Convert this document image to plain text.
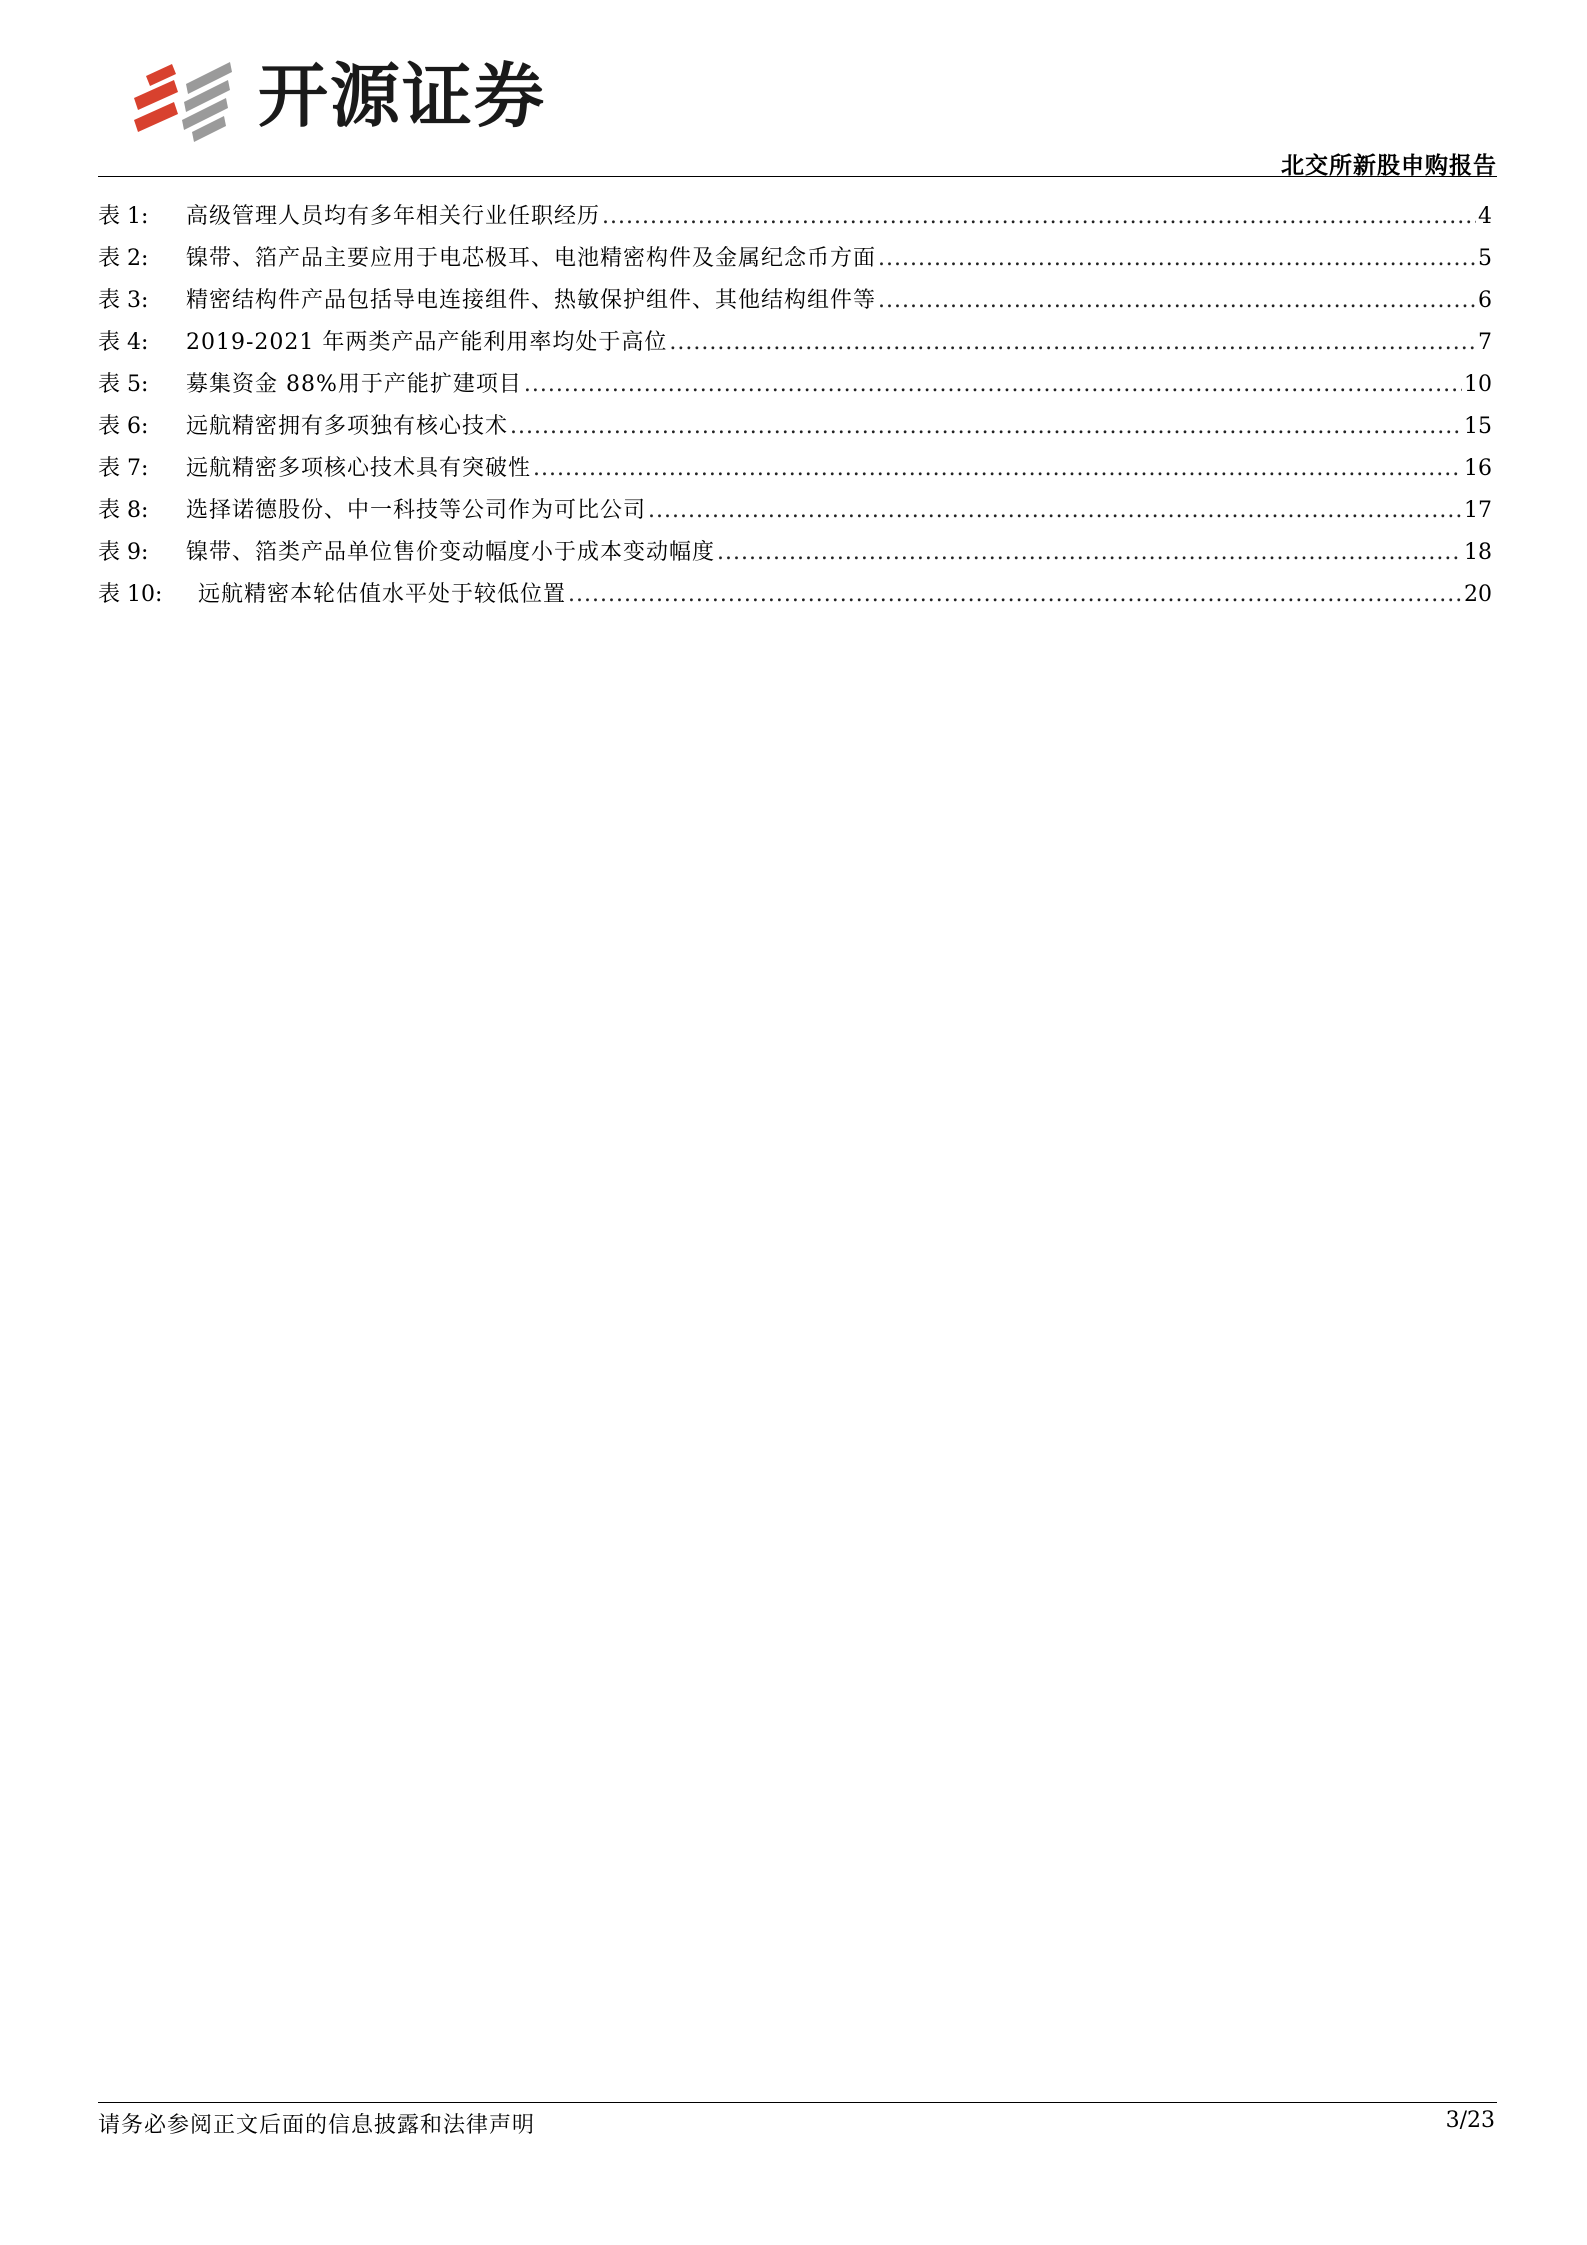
开源证券
北交所新股申购报告
表 1:	高级管理人员均有多年相关行业任职经历 .....	4
表 2:	镍带、箔产品主要应用于电芯极耳、电池精密构件及金属纪念币方面 .....	5
表 3:	精密结构件产品包括导电连接组件、热敏保护组件、其他结构组件等 .....	6
表 4:	2019-2021 年两类产品产能利用率均处于高位 .....	7
表 5:	募集资金 88%用于产能扩建项目 .....	10
表 6:	远航精密拥有多项独有核心技术 .....	15
表 7:	远航精密多项核心技术具有突破性 .....	16
表 8:	选择诺德股份、中一科技等公司作为可比公司 .....	17
表 9:	镍带、箔类产品单位售价变动幅度小于成本变动幅度 .....	18
表 10:	远航精密本轮估值水平处于较低位置 .....	20
请务必参阅正文后面的信息披露和法律声明	3/23
